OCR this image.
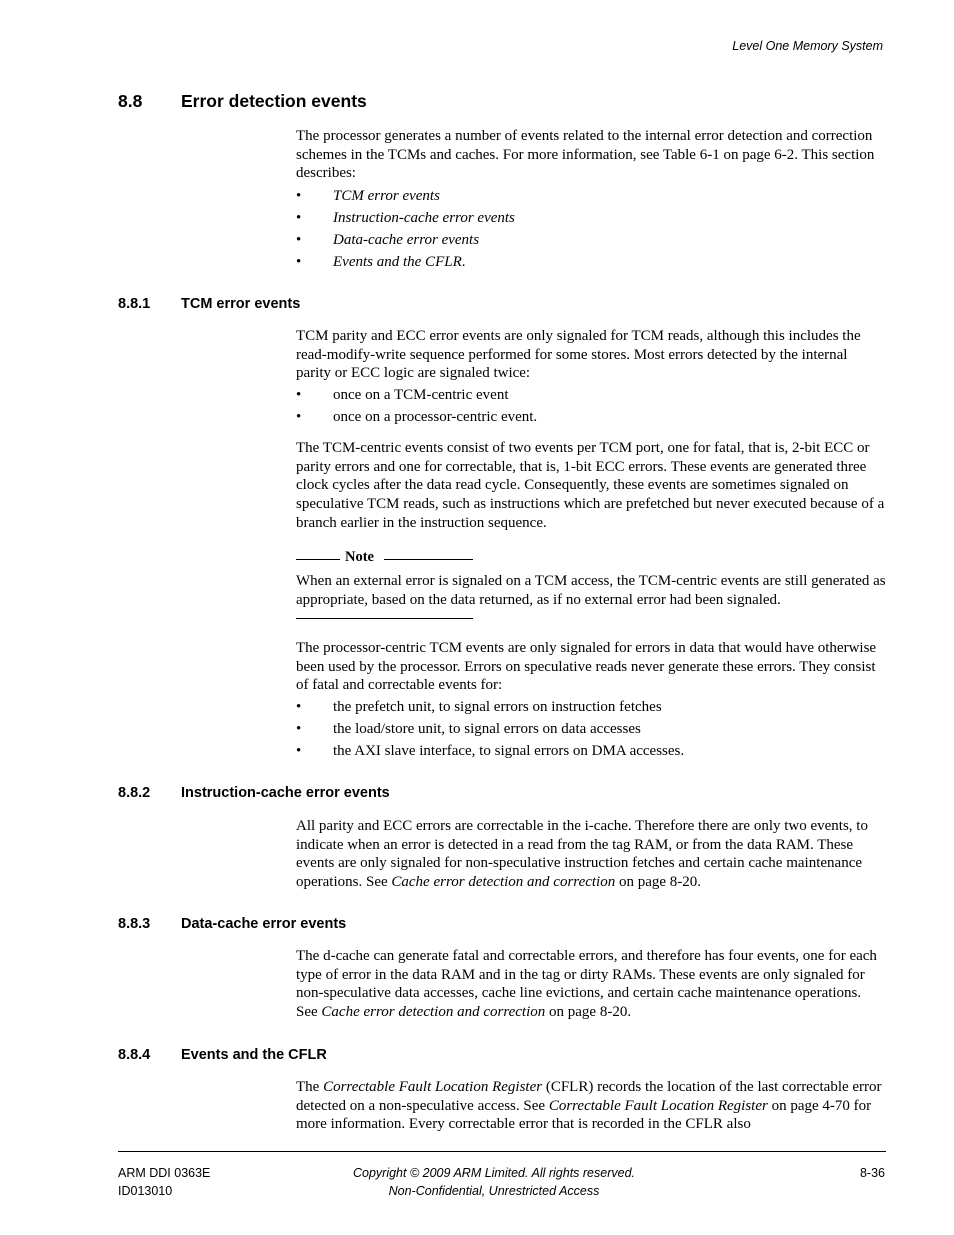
Level One Memory System
8.8 Error detection events

The processor generates a number of events related to the internal error detection and correction schemes in the TCMs and caches. For more information, see Table 6-1 on page 6-2. This section describes:

• TCM error events
• Instruction-cache error events
• Data-cache error events
• Events and the CFLR.
8.8.1 TCM error events

TCM parity and ECC error events are only signaled for TCM reads, although this includes the read-modify-write sequence performed for some stores. Most errors detected by the internal parity or ECC logic are signaled twice:

• once on a TCM-centric event
• once on a processor-centric event.

The TCM-centric events consist of two events per TCM port, one for fatal, that is, 2-bit ECC or parity errors and one for correctable, that is, 1-bit ECC errors. These events are generated three clock cycles after the data read cycle. Consequently, these events are sometimes signaled on speculative TCM reads, such as instructions which are prefetched but never executed because of a branch earlier in the instruction sequence.

Note

When an external error is signaled on a TCM access, the TCM-centric events are still generated as appropriate, based on the data returned, as if no external error had been signaled.

The processor-centric TCM events are only signaled for errors in data that would have otherwise been used by the processor. Errors on speculative reads never generate these errors. They consist of fatal and correctable events for:

• the prefetch unit, to signal errors on instruction fetches
• the load/store unit, to signal errors on data accesses
• the AXI slave interface, to signal errors on DMA accesses.
8.8.2 Instruction-cache error events

All parity and ECC errors are correctable in the i-cache. Therefore there are only two events, to indicate when an error is detected in a read from the tag RAM, or from the data RAM. These events are only signaled for non-speculative instruction fetches and certain cache maintenance operations. See Cache error detection and correction on page 8-20.

8.8.3 Data-cache error events

The d-cache can generate fatal and correctable errors, and therefore has four events, one for each type of error in the data RAM and in the tag or dirty RAMs. These events are only signaled for non-speculative data accesses, cache line evictions, and certain cache maintenance operations. See Cache error detection and correction on page 8-20.

8.8.4 Events and the CFLR

The Correctable Fault Location Register (CFLR) records the location of the last correctable error detected on a non-speculative access. See Correctable Fault Location Register on page 4-70 for more information. Every correctable error that is recorded in the CFLR also

ARM DDI 0363E
ID013010
Copyright © 2009 ARM Limited. All rights reserved.
Non-Confidential, Unrestricted Access
8-36
